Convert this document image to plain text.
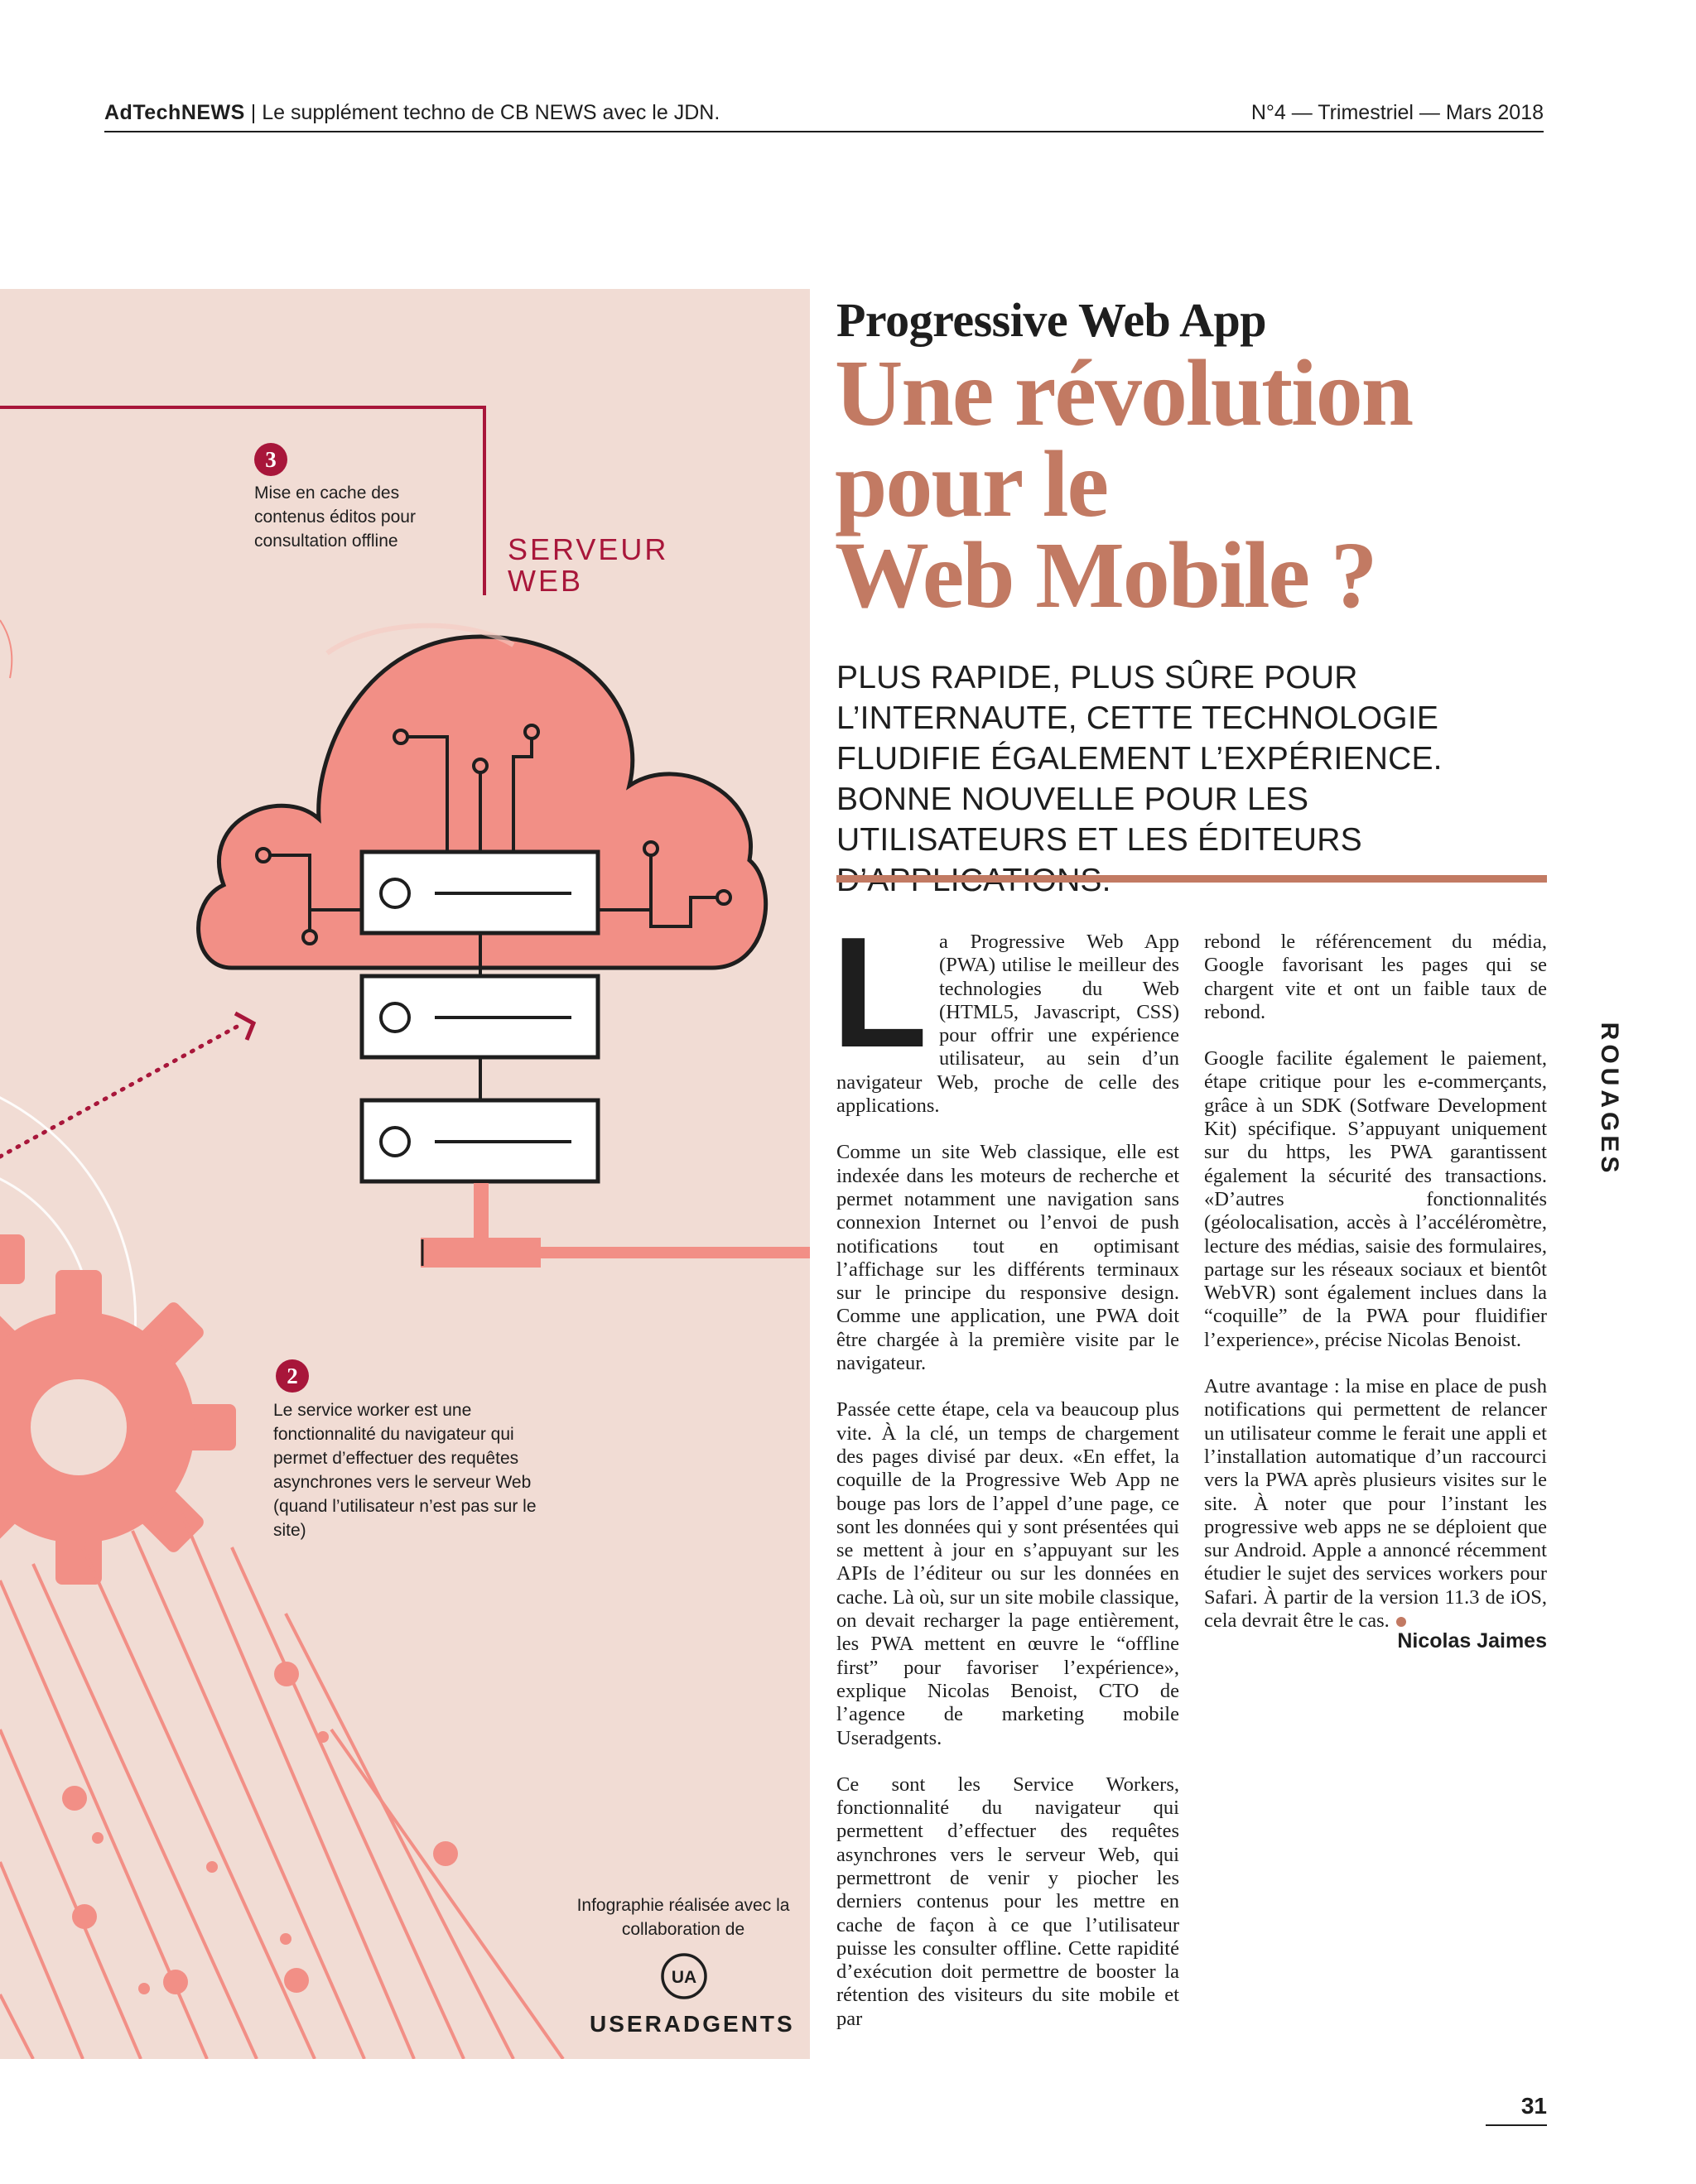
AdTechNEWS | Le supplément techno de CB NEWS avec le JDN.	N°4 — Trimestriel — Mars 2018
UA
3
Mise en cache des contenus éditos pour consultation offline	SERVEUR
WEB
2
Le service worker est une fonctionnalité du navigateur qui permet d’effectuer des requêtes asynchrones vers le serveur Web (quand l’utilisateur n’est pas sur le site)
Infographie réalisée avec la collaboration de
USERADGENTS
Progressive Web App
Une révolution
pour le
Web Mobile ?
PLUS RAPIDE, PLUS SÛRE POUR L’INTERNAUTE, CETTE TECHNOLOGIE FLUDIFIE ÉGALEMENT L’EXPÉRIENCE. BONNE NOUVELLE POUR LES UTILISATEURS ET LES ÉDITEURS

La Progressive Web App (PWA) utilise le meilleur des technologies du Web (HTML5, Javascript, CSS) pour offrir une expérience utilisateur, au sein d’un navigateur Web, proche de celle des applications.

Comme un site Web classique, elle est indexée dans les moteurs de recherche et permet notamment une navigation sans connexion Internet ou l’envoi de push notifications tout en optimisant l’affichage sur les différents terminaux sur le principe du responsive design. Comme une application, une PWA doit être chargée à la première visite par le navigateur.

Passée cette étape, cela va beaucoup plus vite. À la clé, un temps de chargement des pages divisé par deux. «En effet, la coquille de la Progressive Web App ne bouge pas lors de l’appel d’une page, ce sont les données qui y sont présentées qui se mettent à jour en s’appuyant sur les APIs de l’éditeur ou sur les données en cache. Là où, sur un site mobile classique, on devait recharger la page entièrement, les PWA mettent en œuvre le “offline first” pour favoriser l’expérience», explique Nicolas Benoist, CTO de l’agence de marketing mobile Useradgents.

Ce sont les Service Workers, fonctionnalité du navigateur qui permettent d’effectuer des requêtes asynchrones vers le serveur Web, qui permettront de venir y piocher les derniers contenus pour les mettre en cache de façon à ce que l’utilisateur puisse les consulter offline. Cette rapidité d’exécution doit permettre de booster la rétention des visiteurs du site mobile et par

rebond le référencement du média, Google favorisant les pages qui se chargent vite et ont un faible taux de rebond.

Google facilite également le paiement, étape critique pour les e-commerçants, grâce à un SDK (Sotfware Development Kit) spécifique. S’appuyant uniquement sur du https, les PWA garantissent également la sécurité des transactions. «D’autres fonctionnalités (géolocalisation, accès à l’accéléromètre, lecture des médias, saisie des formulaires, partage sur les réseaux sociaux et bientôt WebVR) sont également inclues dans la “coquille” de la PWA pour fluidifier l’experience», précise Nicolas Benoist.

Autre avantage : la mise en place de push notifications qui permettent de relancer un utilisateur comme le ferait une appli et l’installation automatique d’un raccourci vers la PWA après plusieurs visites sur le site. À noter que pour l’instant les progressive web apps ne se déploient que sur Android. Apple a annoncé récemment étudier le sujet des services workers pour Safari. À partir de la version 11.3 de iOS, cela devrait être le cas.

Nicolas Jaimes
ROUAGES
31
